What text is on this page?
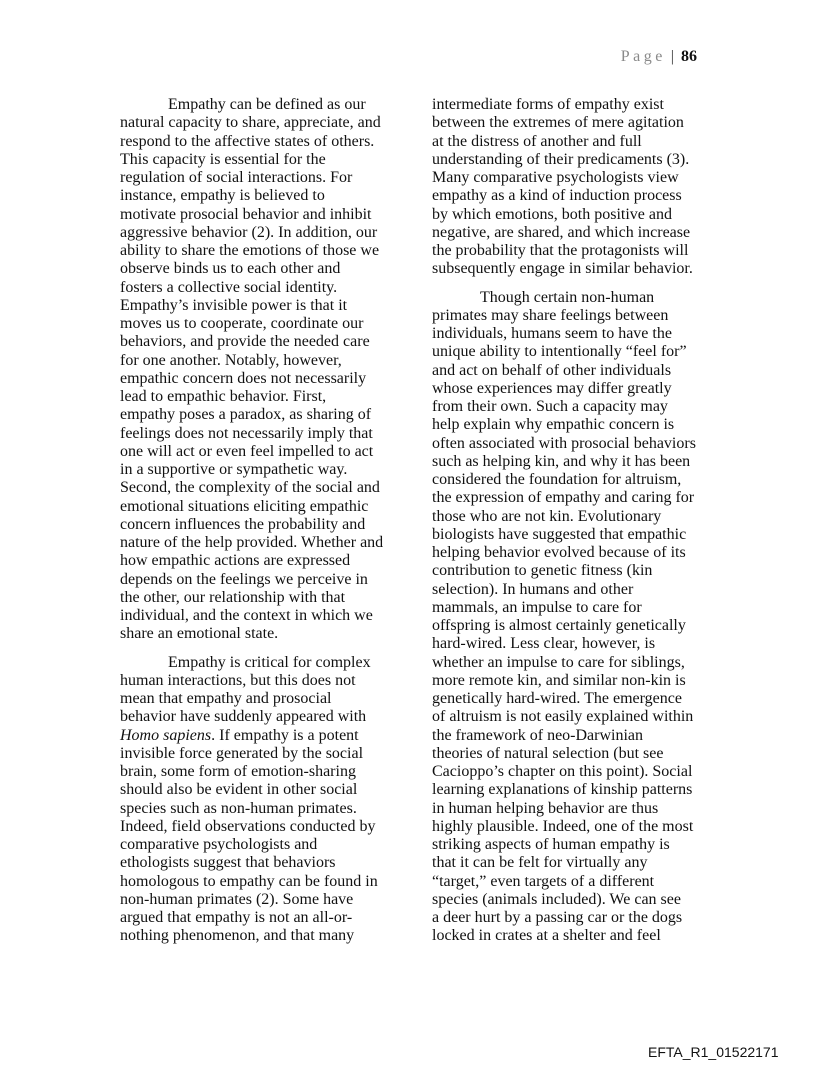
Page | 86
Empathy can be defined as our
natural capacity to share, appreciate, and
respond to the affective states of others.
This capacity is essential for the
regulation of social interactions. For
instance, empathy is believed to
motivate prosocial behavior and inhibit
aggressive behavior (2). In addition, our
ability to share the emotions of those we
observe binds us to each other and
fosters a collective social identity.
Empathy’s invisible power is that it
moves us to cooperate, coordinate our
behaviors, and provide the needed care
for one another. Notably, however,
empathic concern does not necessarily
lead to empathic behavior. First,
empathy poses a paradox, as sharing of
feelings does not necessarily imply that
one will act or even feel impelled to act
in a supportive or sympathetic way.
Second, the complexity of the social and
emotional situations eliciting empathic
concern influences the probability and
nature of the help provided. Whether and
how empathic actions are expressed
depends on the feelings we perceive in
the other, our relationship with that
individual, and the context in which we
share an emotional state.
Empathy is critical for complex
human interactions, but this does not
mean that empathy and prosocial
behavior have suddenly appeared with
Homo sapiens. If empathy is a potent
invisible force generated by the social
brain, some form of emotion-sharing
should also be evident in other social
species such as non-human primates.
Indeed, field observations conducted by
comparative psychologists and
ethologists suggest that behaviors
homologous to empathy can be found in
non-human primates (2). Some have
argued that empathy is not an all-or-
nothing phenomenon, and that many
intermediate forms of empathy exist
between the extremes of mere agitation
at the distress of another and full
understanding of their predicaments (3).
Many comparative psychologists view
empathy as a kind of induction process
by which emotions, both positive and
negative, are shared, and which increase
the probability that the protagonists will
subsequently engage in similar behavior.
Though certain non-human
primates may share feelings between
individuals, humans seem to have the
unique ability to intentionally “feel for”
and act on behalf of other individuals
whose experiences may differ greatly
from their own. Such a capacity may
help explain why empathic concern is
often associated with prosocial behaviors
such as helping kin, and why it has been
considered the foundation for altruism,
the expression of empathy and caring for
those who are not kin. Evolutionary
biologists have suggested that empathic
helping behavior evolved because of its
contribution to genetic fitness (kin
selection). In humans and other
mammals, an impulse to care for
offspring is almost certainly genetically
hard-wired. Less clear, however, is
whether an impulse to care for siblings,
more remote kin, and similar non-kin is
genetically hard-wired. The emergence
of altruism is not easily explained within
the framework of neo-Darwinian
theories of natural selection (but see
Cacioppo’s chapter on this point). Social
learning explanations of kinship patterns
in human helping behavior are thus
highly plausible. Indeed, one of the most
striking aspects of human empathy is
that it can be felt for virtually any
“target,” even targets of a different
species (animals included). We can see
a deer hurt by a passing car or the dogs
locked in crates at a shelter and feel
EFTA_R1_01522171
